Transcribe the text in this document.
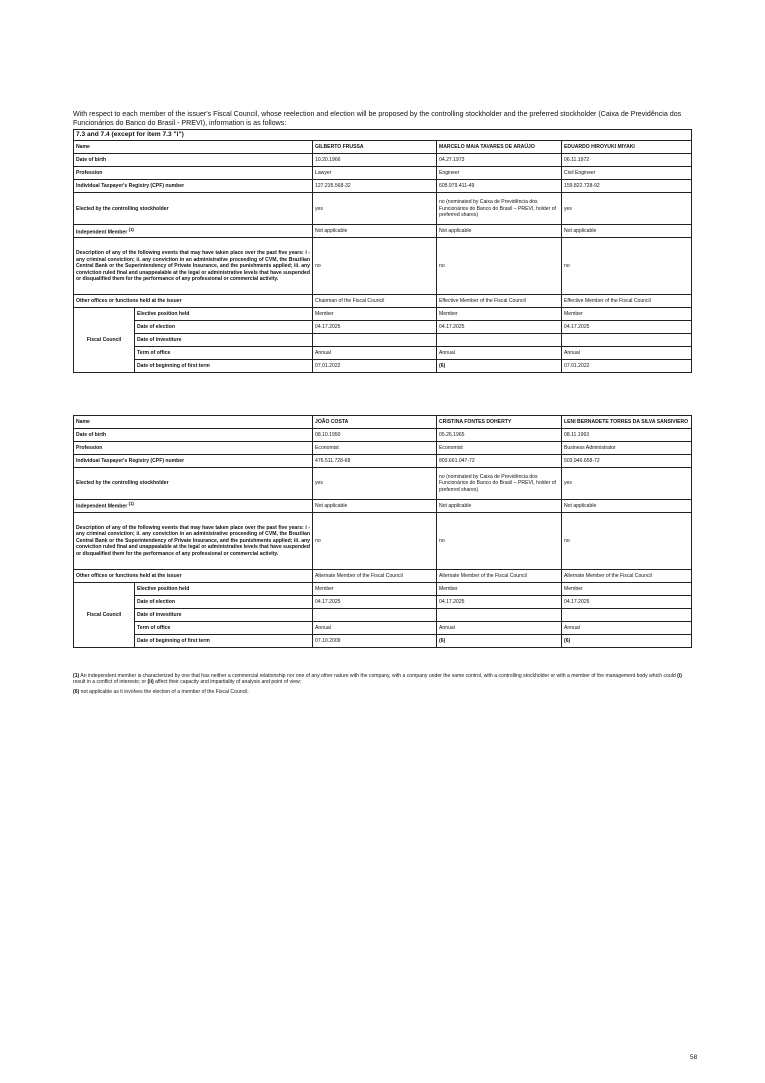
With respect to each member of the issuer's Fiscal Council, whose reelection and election will be proposed by the controlling stockholder and the preferred stockholder (Caixa de Previdência dos Funcionários do Banco do Brasil - PREVI), information is as follows:
7.3 and 7.4 (except for item 7.3 "i")				
Name		GILBERTO FRUSSA	MARCELO MAIA TAVARES DE ARAÚJO	EDUARDO HIROYUKI MIYAKI
Date of birth		10.20.1966	04.27.1973	06.11.1972
Profession		Lawyer	Engineer	Civil Engineer
Individual Taxpayer's Registry (CPF) number		127.235.568-32	605.979.411-49	159.822.728-92
Elected by the controlling stockholder		yes	no (nominated by Caixa de Previdência dos Funcionários do Banco do Brasil – PREVI, holder of preferred shares)	yes
Independent Member $^{(1)}$		Not applicable	Not applicable	Not applicable
Description of any of the following events that may have taken place over the past five years: i - any criminal conviction; ii. any conviction in an administrative proceeding of CVM, the Brazilian Central Bank or the Superintendency of Private Insurance, and the punishments applied; iii. any conviction ruled final and unappealable at the legal or administrative levels that have suspended or disqualified them for the performance of any professional or commercial activity.		no	no	no
Other offices or functions held at the issuer		Chairman of the Fiscal Council	Effective Member of the Fiscal Council	Effective Member of the Fiscal Council
Fiscal Council	Elective position held	Member	Member	Member
	Date of election	04.17.2025	04.17.2025	04.17.2025
	Date of investiture			
	Term of office	Annual	Annual	Annual
	Date of beginning of first term	07.01.2022	(6)	07.01.2022
Name		JOÃO COSTA	CRISTINA FONTES DOHERTY	LENI BERNADETE TORRES DA SILVA SANSIVIERO
Date of birth		08.10.1950	05.26.1965	08.11.1963
Profession		Economist	Economist	Business Administrator
Individual Taxpayer's Registry (CPF) number		476.511.728-68	803.661.047-72	503.946.658-72
Elected by the controlling stockholder		yes	no (nominated by Caixa de Previdência dos Funcionários do Banco do Brasil – PREVI, holder of preferred shares)	yes
Independent Member $^{(1)}$		Not applicable	Not applicable	Not applicable
Description of any of the following events that may have taken place over the past five years: i - any criminal conviction; ii. any conviction in an administrative proceeding of CVM, the Brazilian Central Bank or the Superintendency of Private Insurance, and the punishments applied; iii. any conviction ruled final and unappealable at the legal or administrative levels that have suspended or disqualified them for the performance of any professional or commercial activity.		no	no	no
Other offices or functions held at the issuer		Alternate Member of the Fiscal Council	Alternate Member of the Fiscal Council	Alternate Member of the Fiscal Council
Fiscal Council	Elective position held	Member	Member	Member
	Date of election	04.17.2025	04.17.2025	04.17.2025
	Date of investiture			
	Term of office	Annual	Annual	Annual
	Date of beginning of first term	07.10.2009	(6)	(6)

(1) An independent member is characterized by one that has neither a commercial relationship nor one of any other nature with the company, with a company under the same control, with a controlling stockholder or with a member of the management body which could (i) result in a conflict of interests; or (ii) affect their capacity and impartiality of analysis and point of view;

(6) not applicable as it involves the election of a member of the Fiscal Council.

58
